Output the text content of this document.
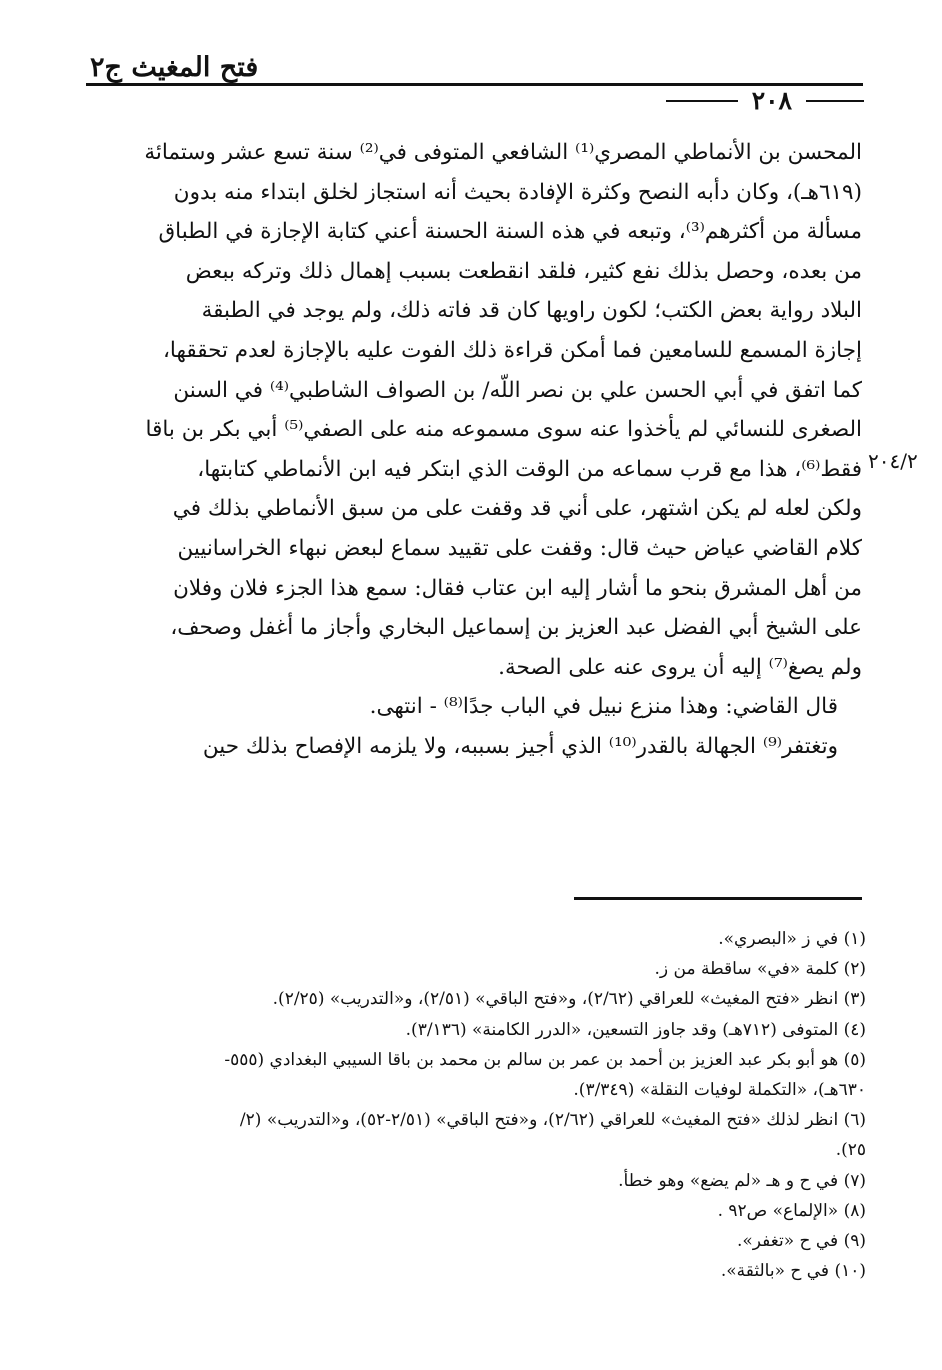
فتح المغيث ج٢
٢٠٨
المحسن بن الأنماطي المصري⁽¹⁾ الشافعي المتوفى في⁽²⁾ سنة تسع عشر وستمائة
(٦١٩هـ)، وكان دأبه النصح وكثرة الإفادة بحيث أنه استجاز لخلق ابتداء منه بدون
مسألة من أكثرهم⁽³⁾، وتبعه في هذه السنة الحسنة أعني كتابة الإجازة في الطباق
من بعده، وحصل بذلك نفع كثير، فلقد انقطعت بسبب إهمال ذلك وتركه ببعض
البلاد رواية بعض الكتب؛ لكون راويها كان قد فاته ذلك، ولم يوجد في الطبقة
إجازة المسمع للسامعين فما أمكن قراءة ذلك الفوت عليه بالإجازة لعدم تحققها،
كما اتفق في أبي الحسن علي بن نصر اللّه/ بن الصواف الشاطبي⁽⁴⁾ في السنن
الصغرى للنسائي لم يأخذوا عنه سوى مسموعه منه على الصفي⁽⁵⁾ أبي بكر بن باقا
فقط⁽⁶⁾، هذا مع قرب سماعه من الوقت الذي ابتكر فيه ابن الأنماطي كتابتها،
ولكن لعله لم يكن اشتهر، على أني قد وقفت على من سبق الأنماطي بذلك في
كلام القاضي عياض حيث قال: وقفت على تقييد سماع لبعض نبهاء الخراسانيين
من أهل المشرق بنحو ما أشار إليه ابن عتاب فقال: سمع هذا الجزء فلان وفلان
على الشيخ أبي الفضل عبد العزيز بن إسماعيل البخاري وأجاز ما أغفل وصحف،
ولم يصغ⁽⁷⁾ إليه أن يروى عنه على الصحة.
قال القاضي: وهذا منزع نبيل في الباب جدًا⁽⁸⁾ - انتهى.
وتغتفر⁽⁹⁾ الجهالة بالقدر⁽¹⁰⁾ الذي أجيز بسببه، ولا يلزمه الإفصاح بذلك حين
٢٠٤/٢
(١) في ز «البصري».
(٢) كلمة «في» ساقطة من ز.
(٣) انظر «فتح المغيث» للعراقي (٢/٦٢)، و«فتح الباقي» (٢/٥١)، و«التدريب» (٢/٢٥).
(٤) المتوفى (٧١٢هـ) وقد جاوز التسعين، «الدرر الكامنة» (٣/١٣٦).
(٥) هو أبو بكر عبد العزيز بن أحمد بن عمر بن سالم بن محمد بن باقا السيبي البغدادي (٥٥٥-
٦٣٠هـ)، «التكملة لوفيات النقلة» (٣/٣٤٩).
(٦) انظر لذلك «فتح المغيث» للعراقي (٢/٦٢)، و«فتح الباقي» (٢/٥١-٥٢)، و«التدريب» (٢/
٢٥).
(٧) في ح و هـ «لم يضع» وهو خطأ.
(٨) «الإلماع» ص٩٢ .
(٩) في ح «تغفر».
(١٠) في ح «بالثقة».
